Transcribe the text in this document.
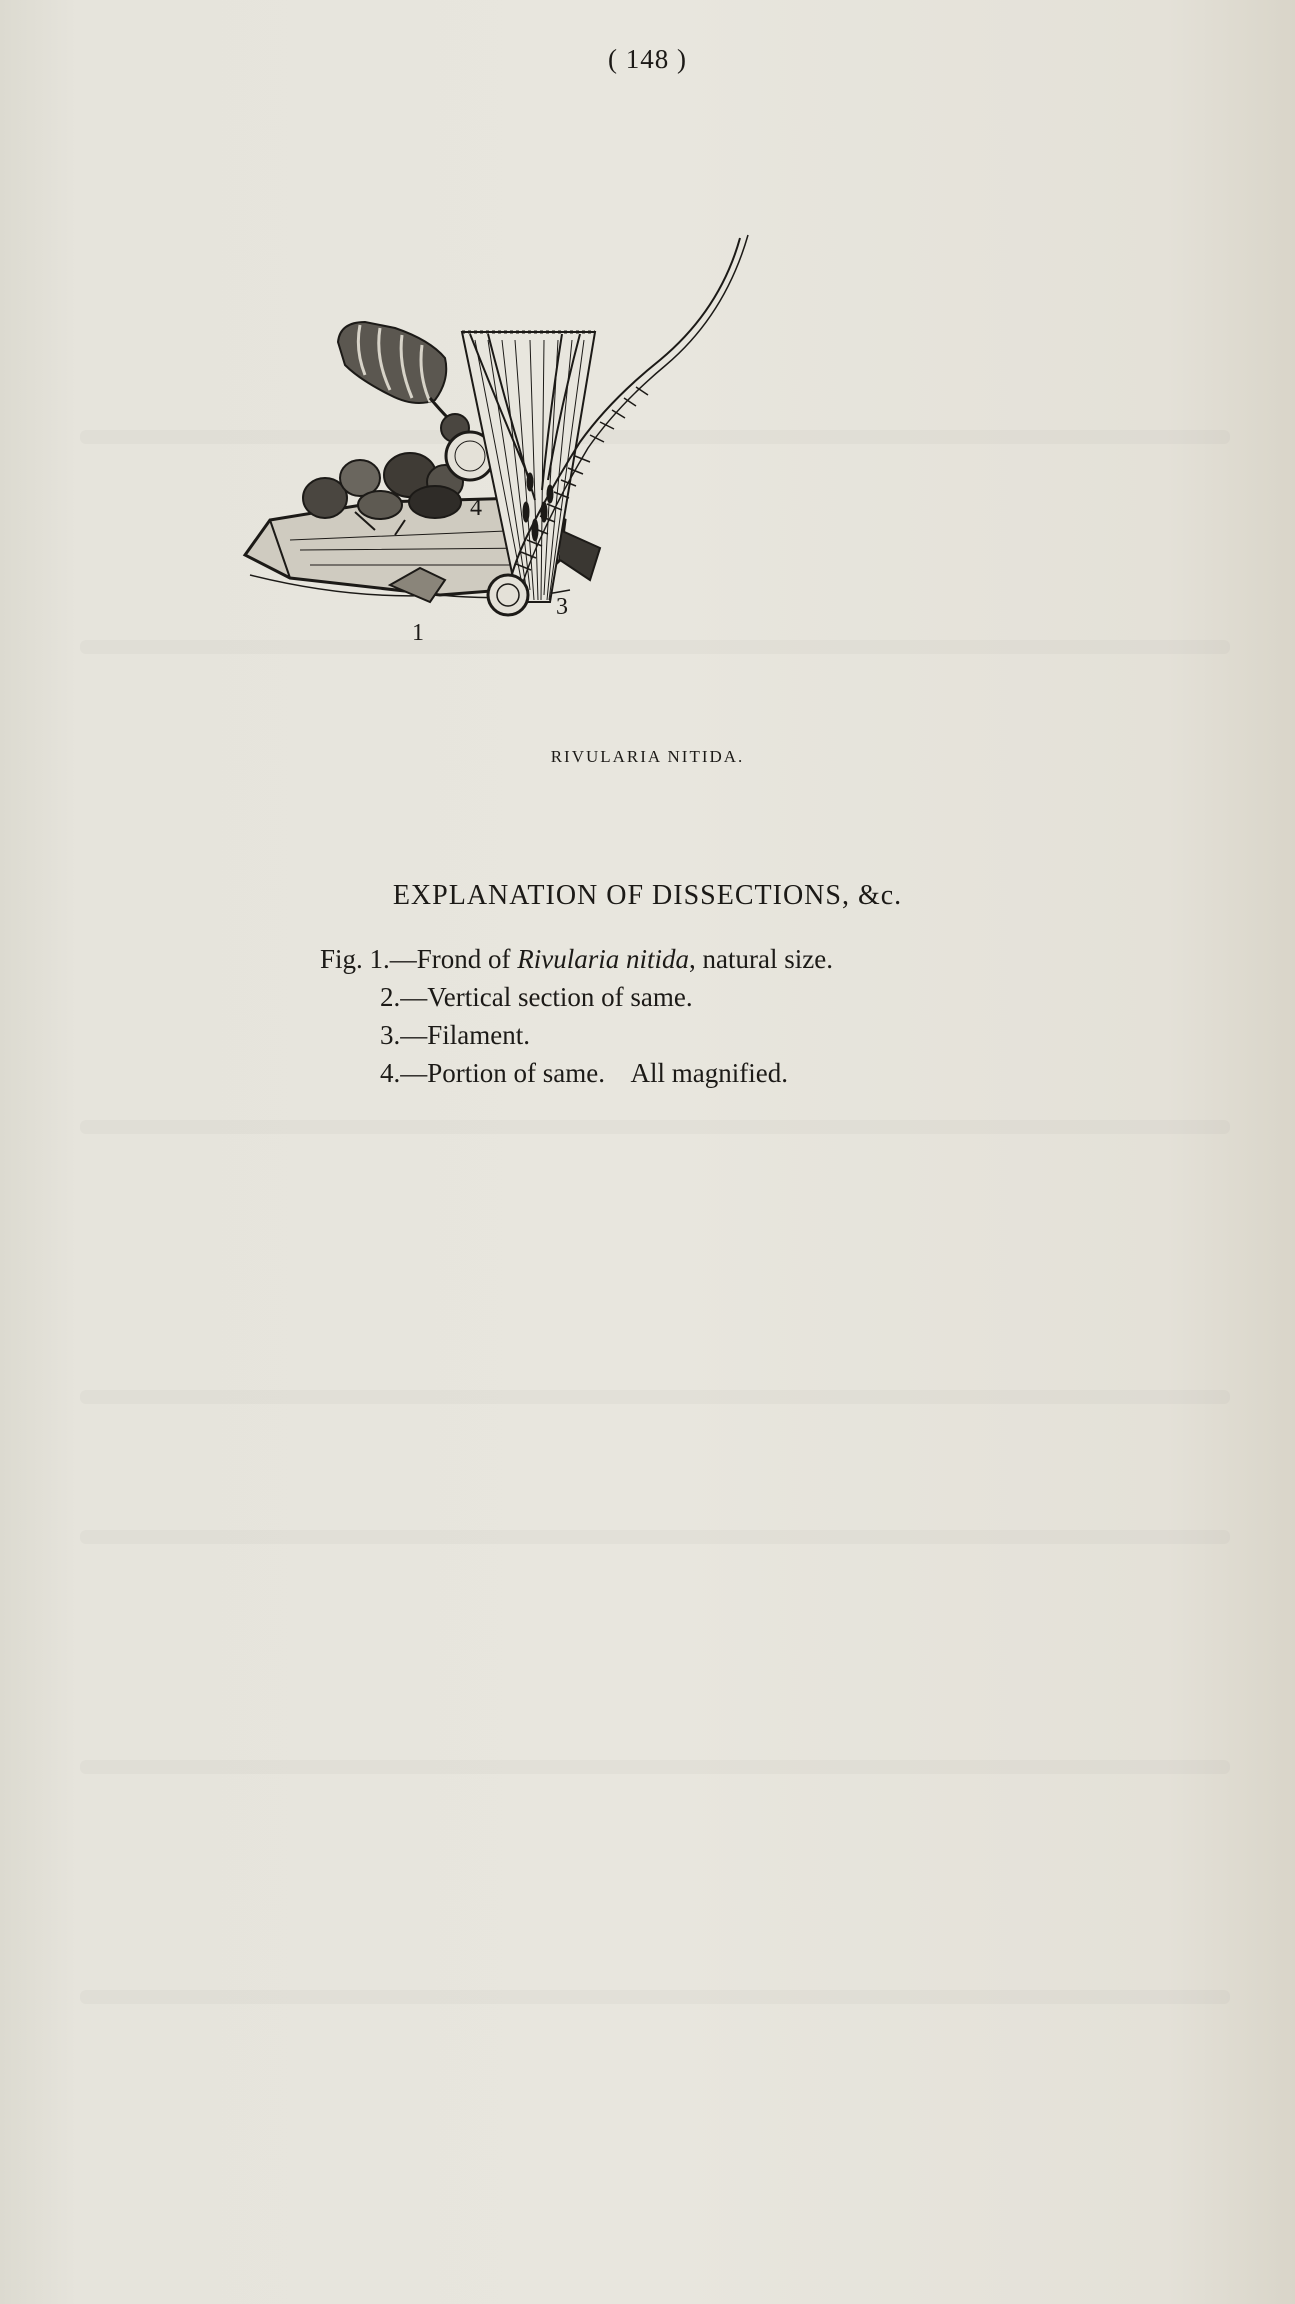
( 148 )
1
4
3
RIVULARIA NITIDA.
EXPLANATION OF DISSECTIONS, &c.
Fig. 1.—Frond of Rivularia nitida, natural size.
2.—Vertical section of same.
3.—Filament.
4.—Portion of same.    All magnified.
